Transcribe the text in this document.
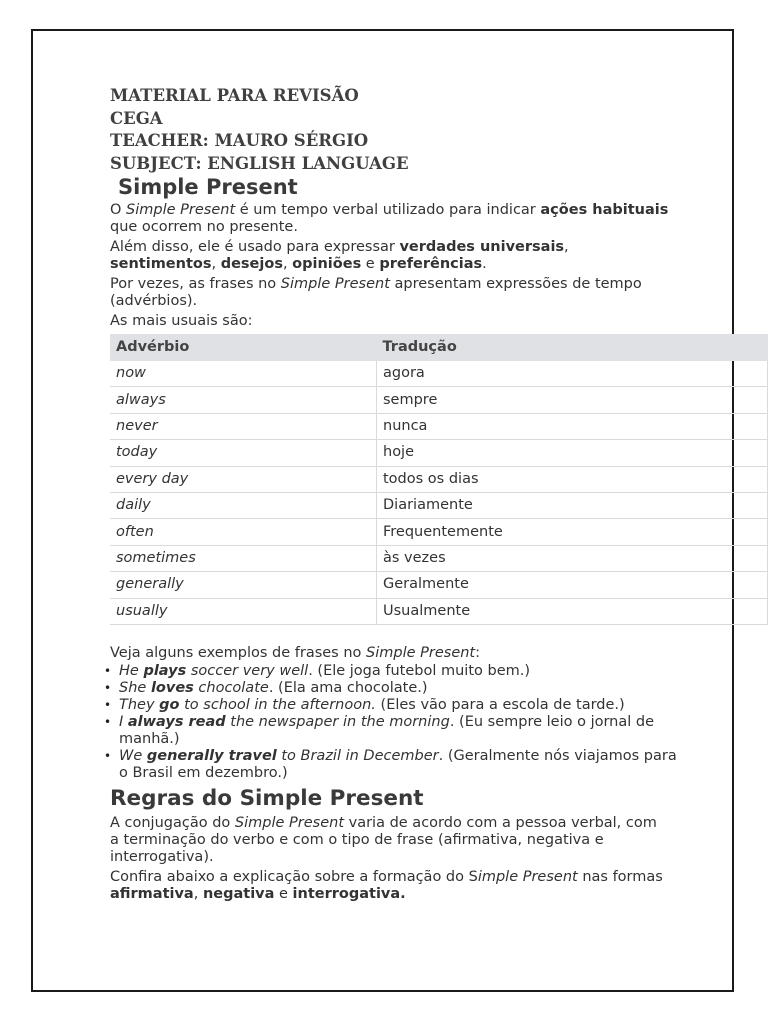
MATERIAL PARA REVISÃO

CEGA

TEACHER: MAURO SÉRGIO

SUBJECT: ENGLISH LANGUAGE

Simple Present

O Simple Present é um tempo verbal utilizado para indicar ações habituais que ocorrem no presente.

Além disso, ele é usado para expressar verdades universais, sentimentos, desejos, opiniões e preferências.

Por vezes, as frases no Simple Present apresentam expressões de tempo (advérbios).

As mais usuais são:

Advérbio	Tradução
now	agora
always	sempre
never	nunca
today	hoje
every day	todos os dias
daily	Diariamente
often	Frequentemente
sometimes	às vezes
generally	Geralmente
usually	Usualmente

Veja alguns exemplos de frases no Simple Present:

• He plays soccer very well. (Ele joga futebol muito bem.)
• She loves chocolate. (Ela ama chocolate.)
• They go to school in the afternoon. (Eles vão para a escola de tarde.)
• I always read the newspaper in the morning. (Eu sempre leio o jornal de manhã.)
• We generally travel to Brazil in December. (Geralmente nós viajamos para o Brasil em dezembro.)
Regras do Simple Present

A conjugação do Simple Present varia de acordo com a pessoa verbal, com a terminação do verbo e com o tipo de frase (afirmativa, negativa e interrogativa).

Confira abaixo a explicação sobre a formação do Simple Present nas formas afirmativa, negativa e interrogativa.
